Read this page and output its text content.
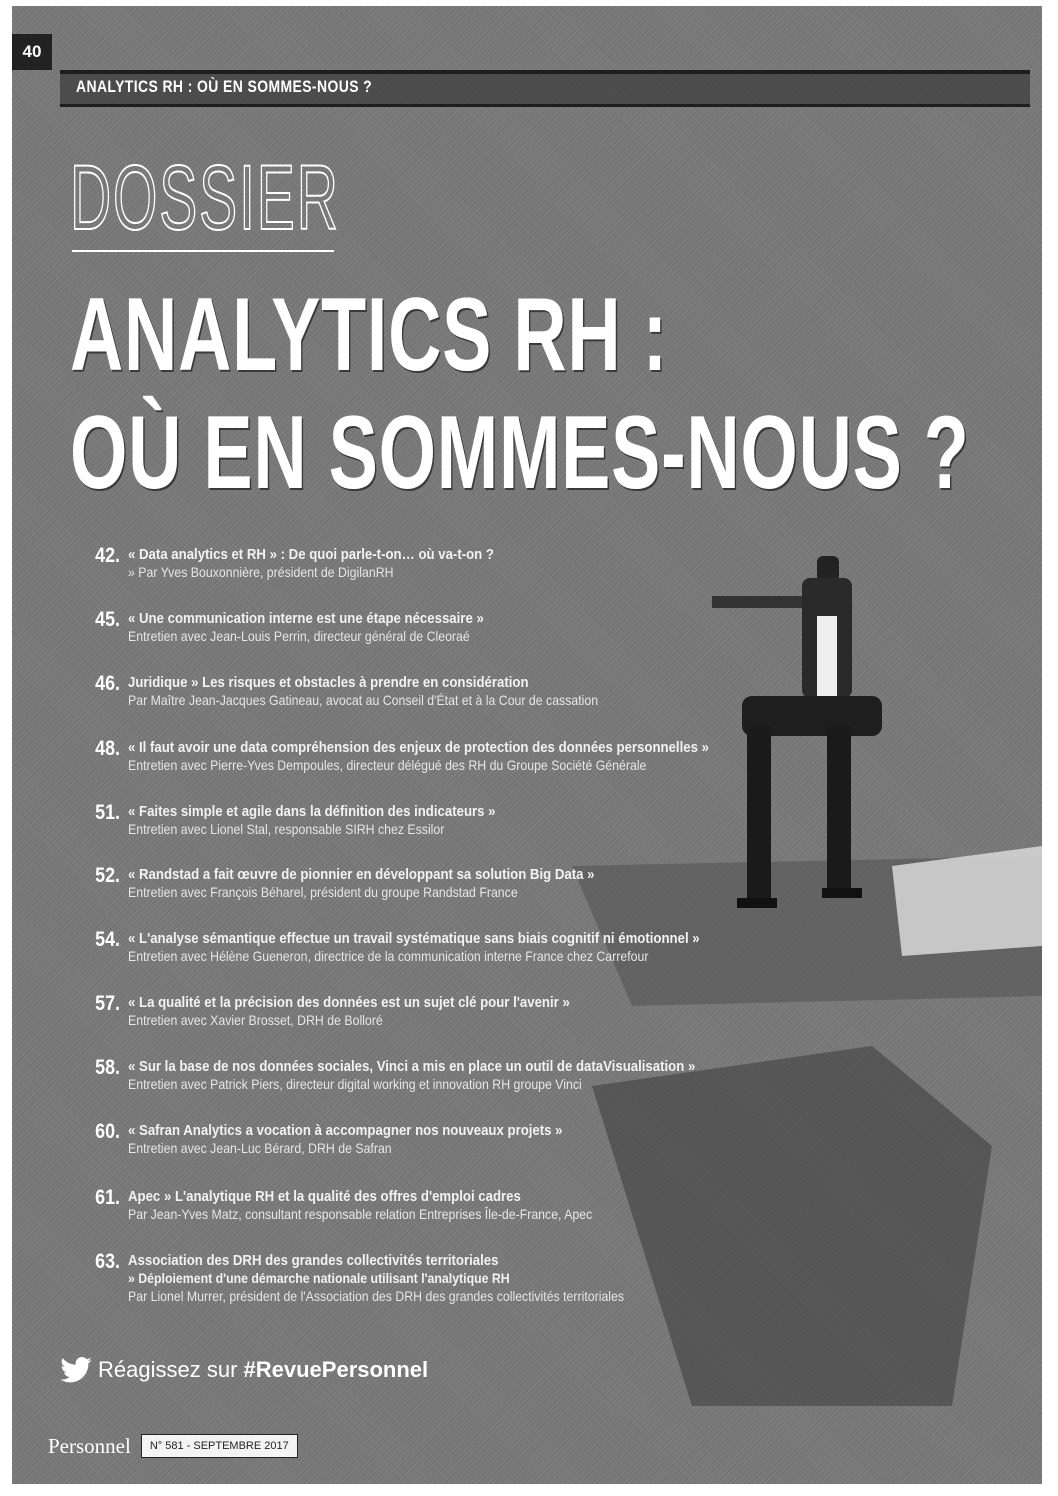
40
ANALYTICS RH : OÙ EN SOMMES-NOUS ?
DOSSIER
ANALYTICS RH :
OÙ EN SOMMES-NOUS ?
42. « Data analytics et RH » : De quoi parle-t-on… où va-t-on ?
» Par Yves Bouxonnière, président de DigilanRH
45. « Une communication interne est une étape nécessaire »
Entretien avec Jean-Louis Perrin, directeur général de Cleoraé
46. Juridique » Les risques et obstacles à prendre en considération
Par Maître Jean-Jacques Gatineau, avocat au Conseil d'État et à la Cour de cassation
48. « Il faut avoir une data compréhension des enjeux de protection des données personnelles »
Entretien avec Pierre-Yves Dempoules, directeur délégué des RH du Groupe Société Générale
51. « Faites simple et agile dans la définition des indicateurs »
Entretien avec Lionel Stal, responsable SIRH chez Essilor
52. « Randstad a fait œuvre de pionnier en développant sa solution Big Data »
Entretien avec François Béharel, président du groupe Randstad France
54. « L'analyse sémantique effectue un travail systématique sans biais cognitif ni émotionnel »
Entretien avec Hélène Gueneron, directrice de la communication interne France chez Carrefour
57. « La qualité et la précision des données est un sujet clé pour l'avenir »
Entretien avec Xavier Brosset, DRH de Bolloré
58. « Sur la base de nos données sociales, Vinci a mis en place un outil de dataVisualisation »
Entretien avec Patrick Piers, directeur digital working et innovation RH groupe Vinci
60. « Safran Analytics a vocation à accompagner nos nouveaux projets »
Entretien avec Jean-Luc Bérard, DRH de Safran
61. Apec » L'analytique RH et la qualité des offres d'emploi cadres
Par Jean-Yves Matz, consultant responsable relation Entreprises Île-de-France, Apec
63. Association des DRH des grandes collectivités territoriales
» Déploiement d'une démarche nationale utilisant l'analytique RH
Par Lionel Murrer, président de l'Association des DRH des grandes collectivités territoriales
Réagissez sur #RevuePersonnel
Personnel	N° 581 - SEPTEMBRE 2017
